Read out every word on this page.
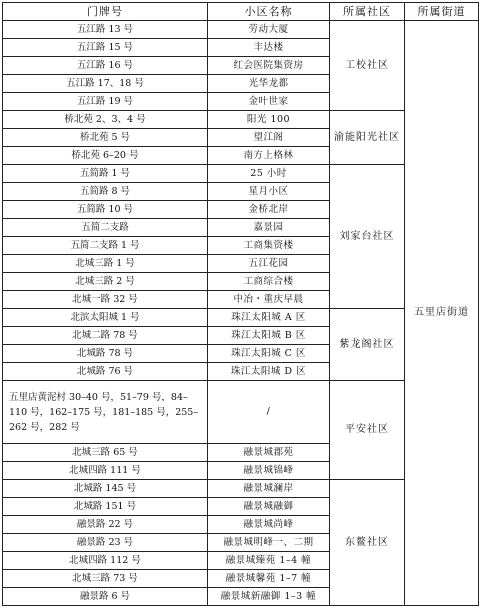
门牌号	小区名称	所属社区	所属街道
五江路 13 号	劳动大厦	工校社区	五里店街道
五江路 15 号	丰达楼		
五江路 16 号	红会医院集资房		
五江路 17、18 号	光华龙都		
五江路 19 号	金叶世家		
桥北苑 2、3、4 号	阳光 100	渝能阳光社区	
桥北苑 5 号	望江阁		
桥北苑 6–20 号	南方上格林		
五简路 1 号	25 小时	刘家台社区	
五简路 8 号	星月小区		
五简路 10 号	金桥北岸		
五简二支路	嘉景园		
五简二支路 1 号	工商集资楼		
北城三路 1 号	五江花园		
北城三路 2 号	工商综合楼		
北城一路 32 号	中冶・重庆早晨		
北滨太阳城 1 号	珠江太阳城 A 区	紫龙阁社区	
北城二路 78 号	珠江太阳城 B 区		
北城路 78 号	珠江太阳城 C 区		
北城路 76 号	珠江太阳城 D 区		
五里店黄泥村 30–40 号，51–79 号，84–110 号，162–175 号，181–185 号，255–262 号，282 号	/	平安社区	
北城三路 65 号	融景城郡苑		
北城四路 111 号	融景城锦峰		
北城路 145 号	融景城澜岸	东鳌社区	
北城路 151 号	融景城融御		
融景路 22 号	融景城尚峰		
融景路 23 号	融景城明峰一、二期		
北城四路 112 号	融景城臻苑 1–4 幢		
北城三路 73 号	融景城馨苑 1–7 幢		
融景路 6 号	融景城新融御 1–3 幢		
